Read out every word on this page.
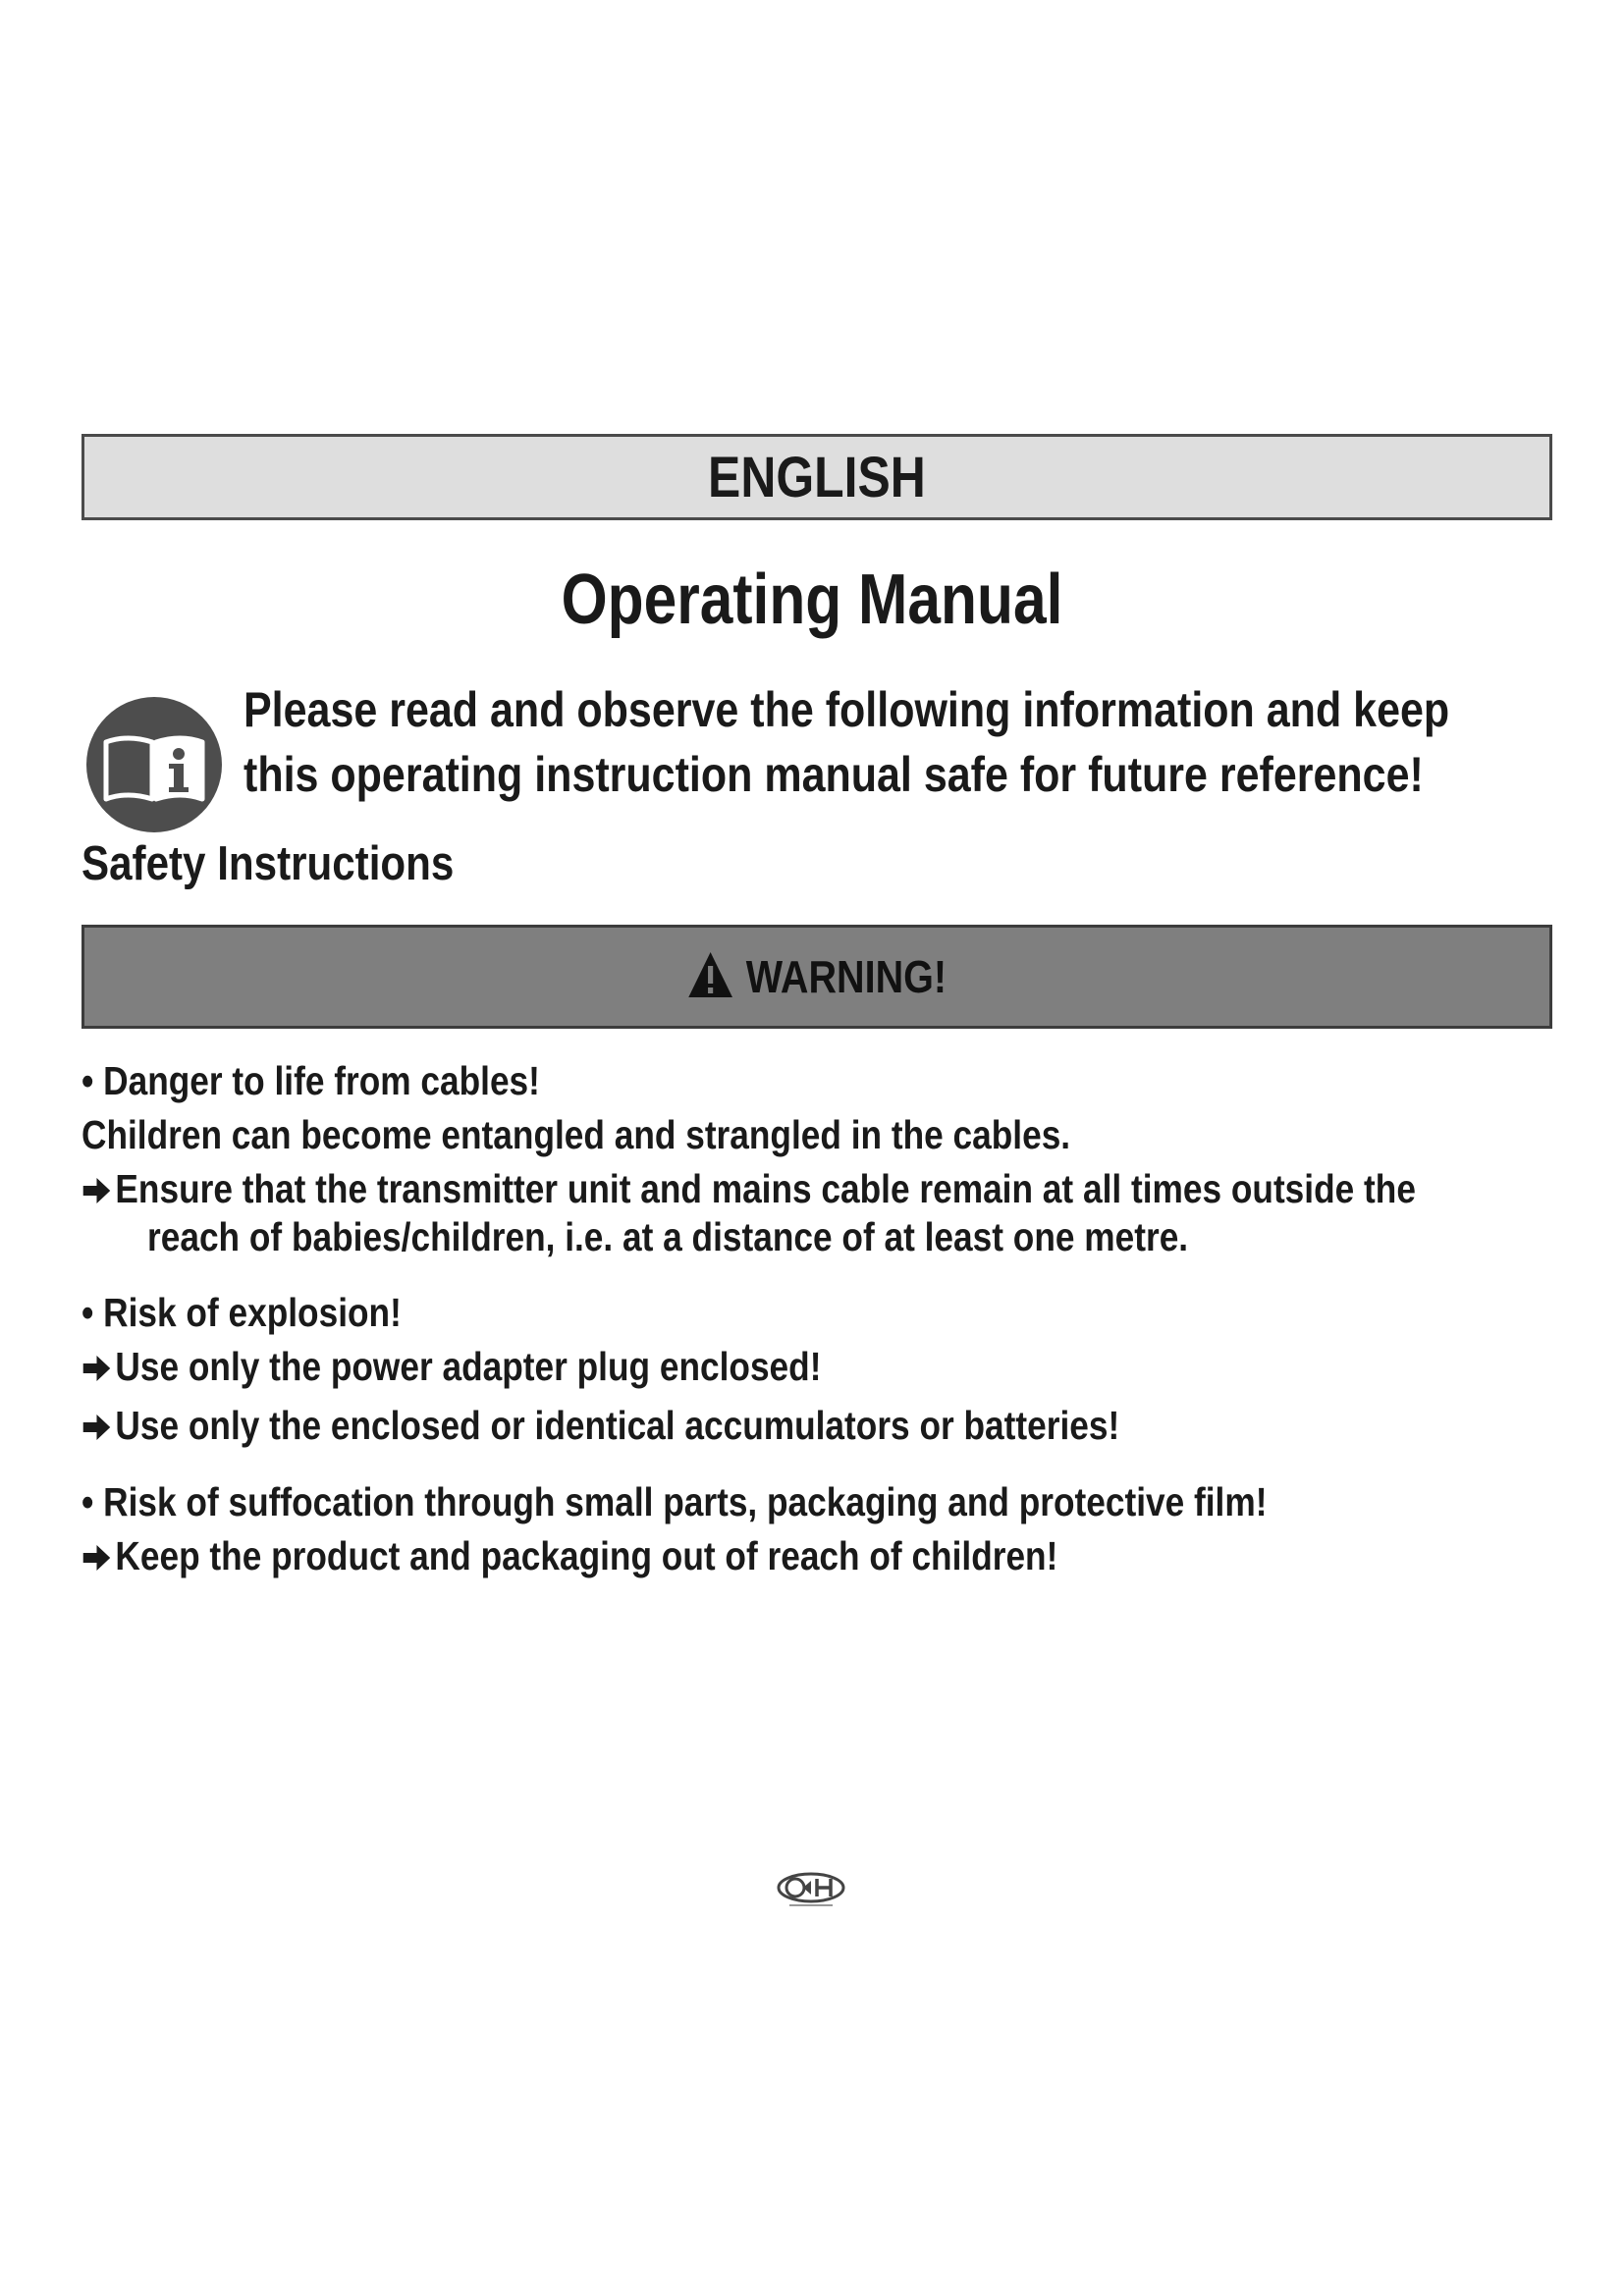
ENGLISH
Operating Manual
Please read and observe the following information and keep
this operating instruction manual safe for future reference!
Safety Instructions
WARNING!
• Danger to life from cables!
Children can become entangled and strangled in the cables.
Ensure that the transmitter unit and mains cable remain at all times outside the
reach of babies/children, i.e. at a distance of at least one metre.
• Risk of explosion!
Use only the power adapter plug enclosed!
Use only the enclosed or identical accumulators or batteries!
• Risk of suffocation through small parts, packaging and protective film!
Keep the product and packaging out of reach of children!
